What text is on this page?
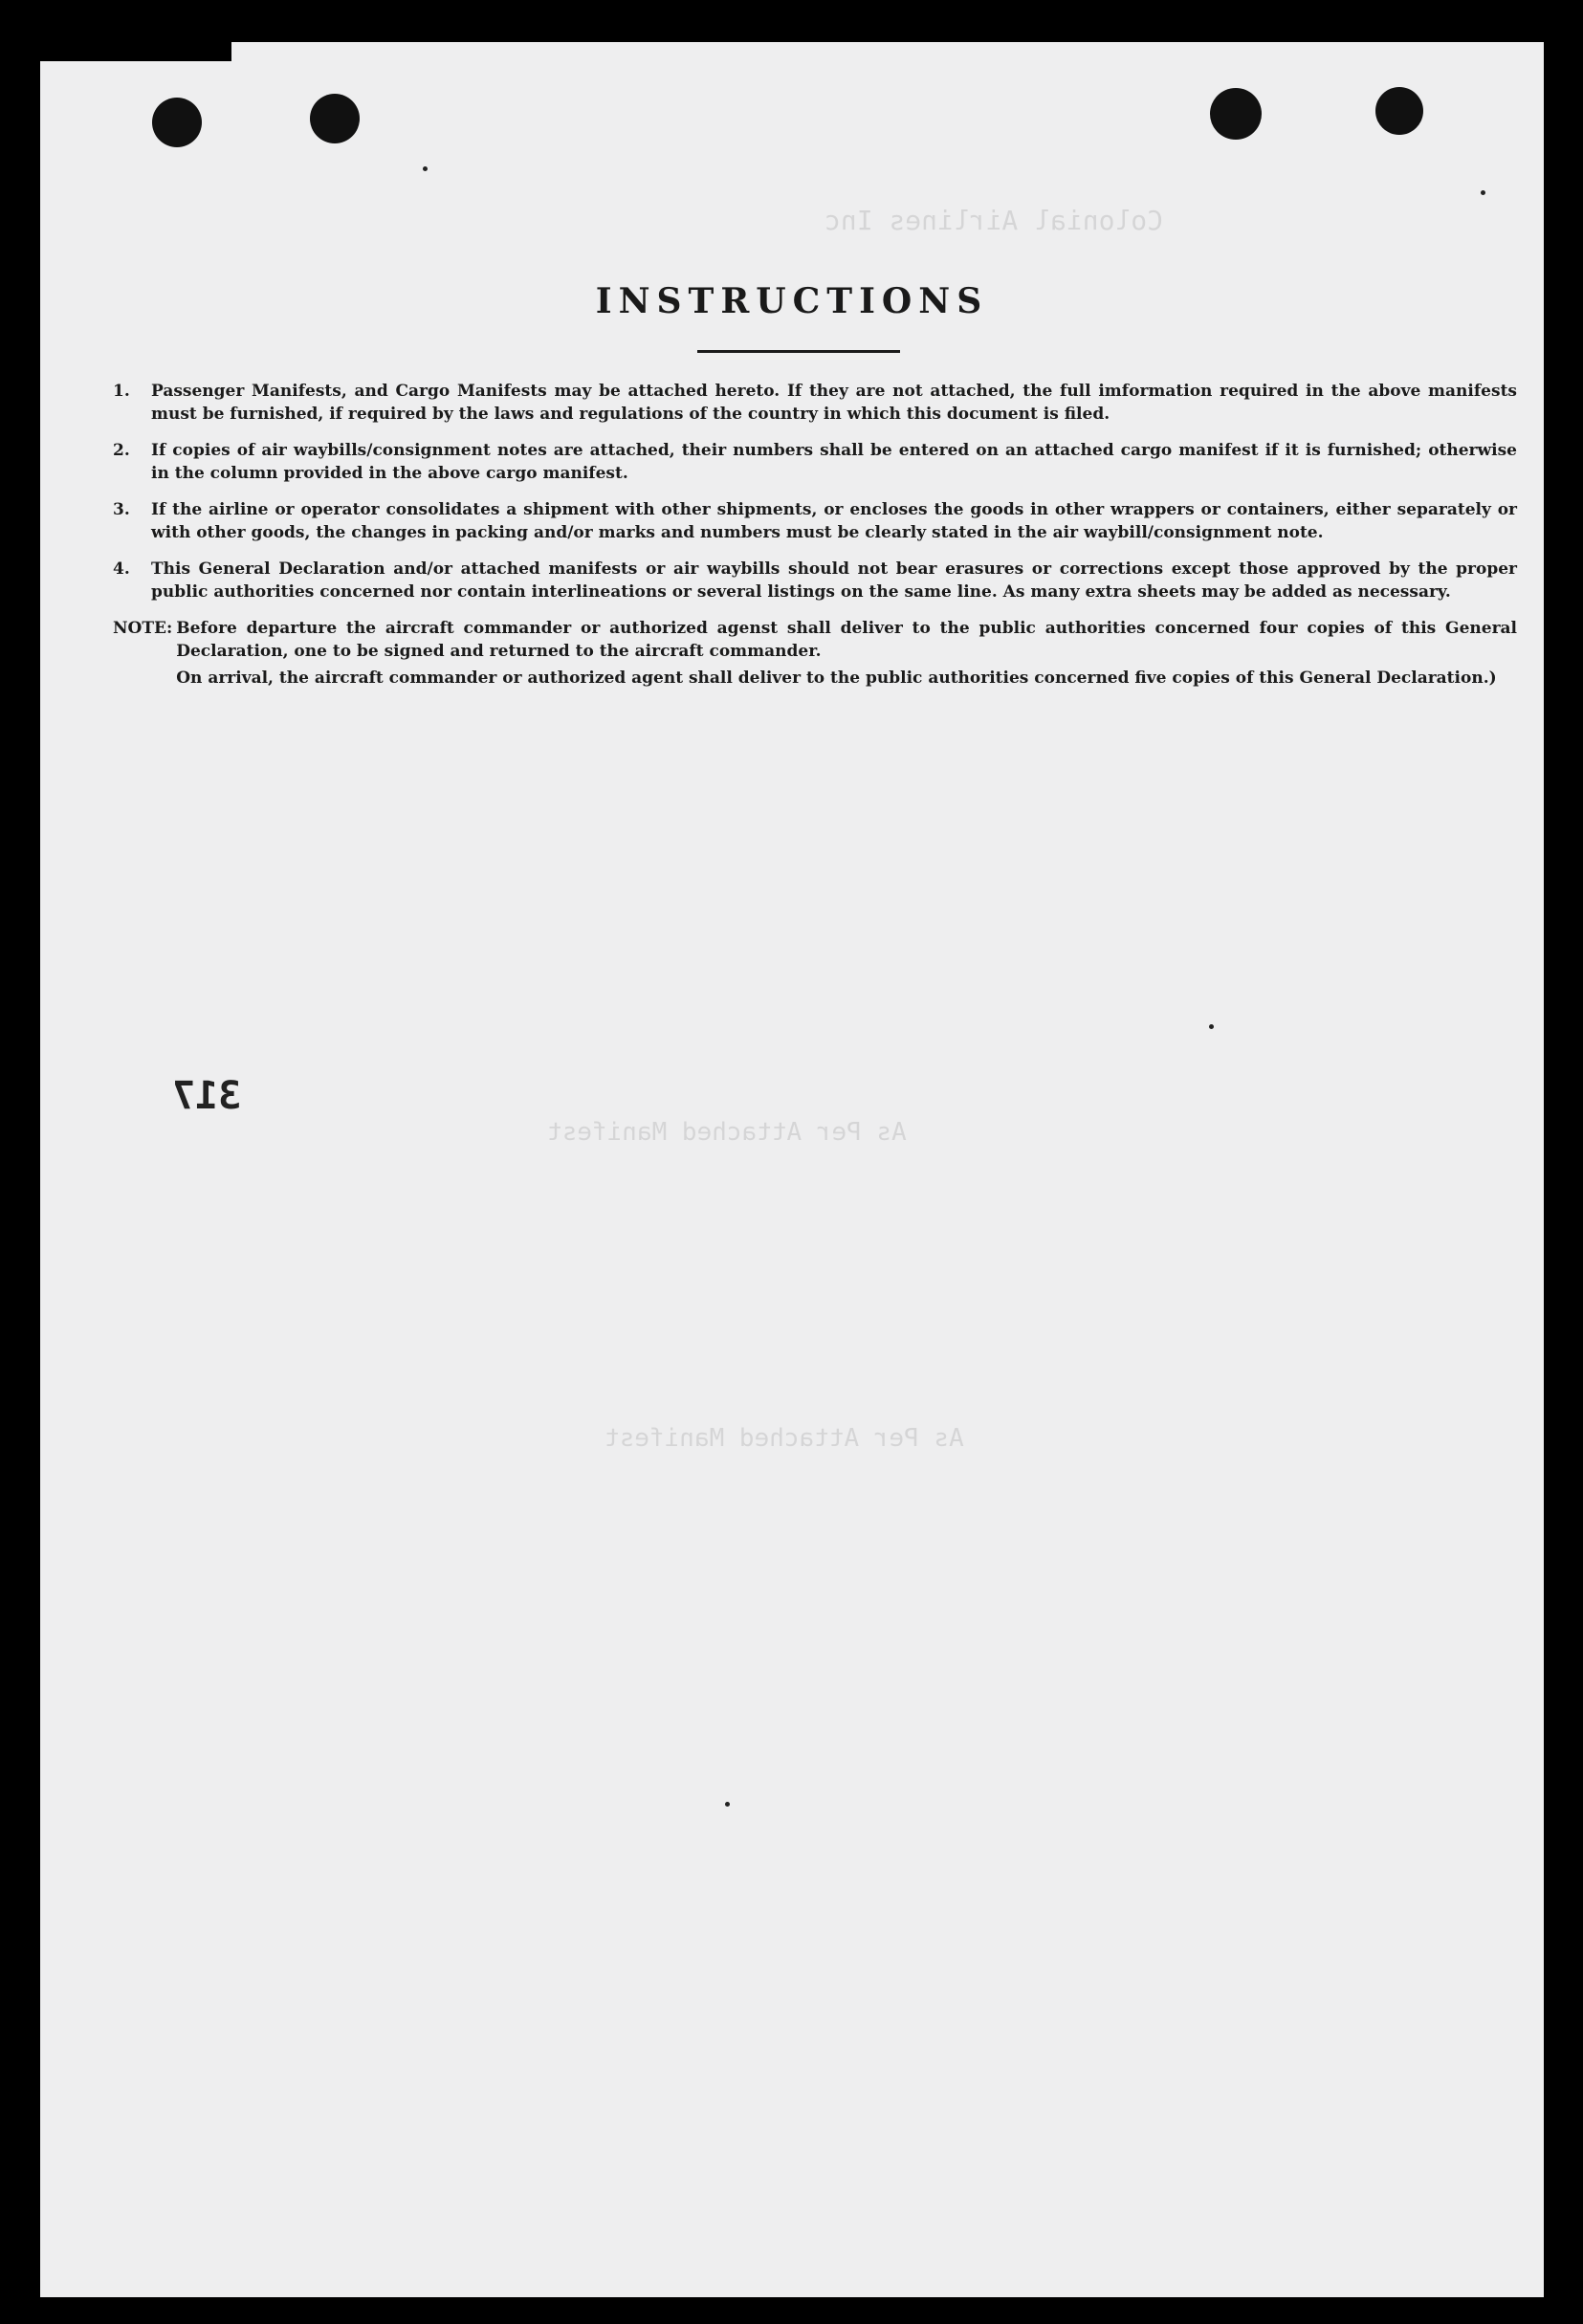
Colonial Airlines Inc
As Per Attached Manifest
As Per Attached Manifest
INSTRUCTIONS
1.	Passenger Manifests, and Cargo Manifests may be attached hereto. If they are not attached, the full imformation required in the above manifests must be furnished, if required by the laws and regulations of the country in which this document is filed.
2.	If copies of air waybills/consignment notes are attached, their numbers shall be entered on an attached cargo manifest if it is furnished; otherwise in the column provided in the above cargo manifest.
3.	If the airline or operator consolidates a shipment with other shipments, or encloses the goods in other wrappers or containers, either separately or with other goods, the changes in packing and/or marks and numbers must be clearly stated in the air waybill/consignment note.
4.	This General Declaration and/or attached manifests or air waybills should not bear erasures or corrections except those approved by the proper public authorities concerned nor contain interlineations or several listings on the same line. As many extra sheets may be added as necessary.
NOTE: Before departure the aircraft commander or authorized agenst shall deliver to the public authorities concerned four copies of this General Declaration, one to be signed and returned to the aircraft commander.

On arrival, the aircraft commander or authorized agent shall deliver to the public authorities concerned five copies of this General Declaration.)

317
